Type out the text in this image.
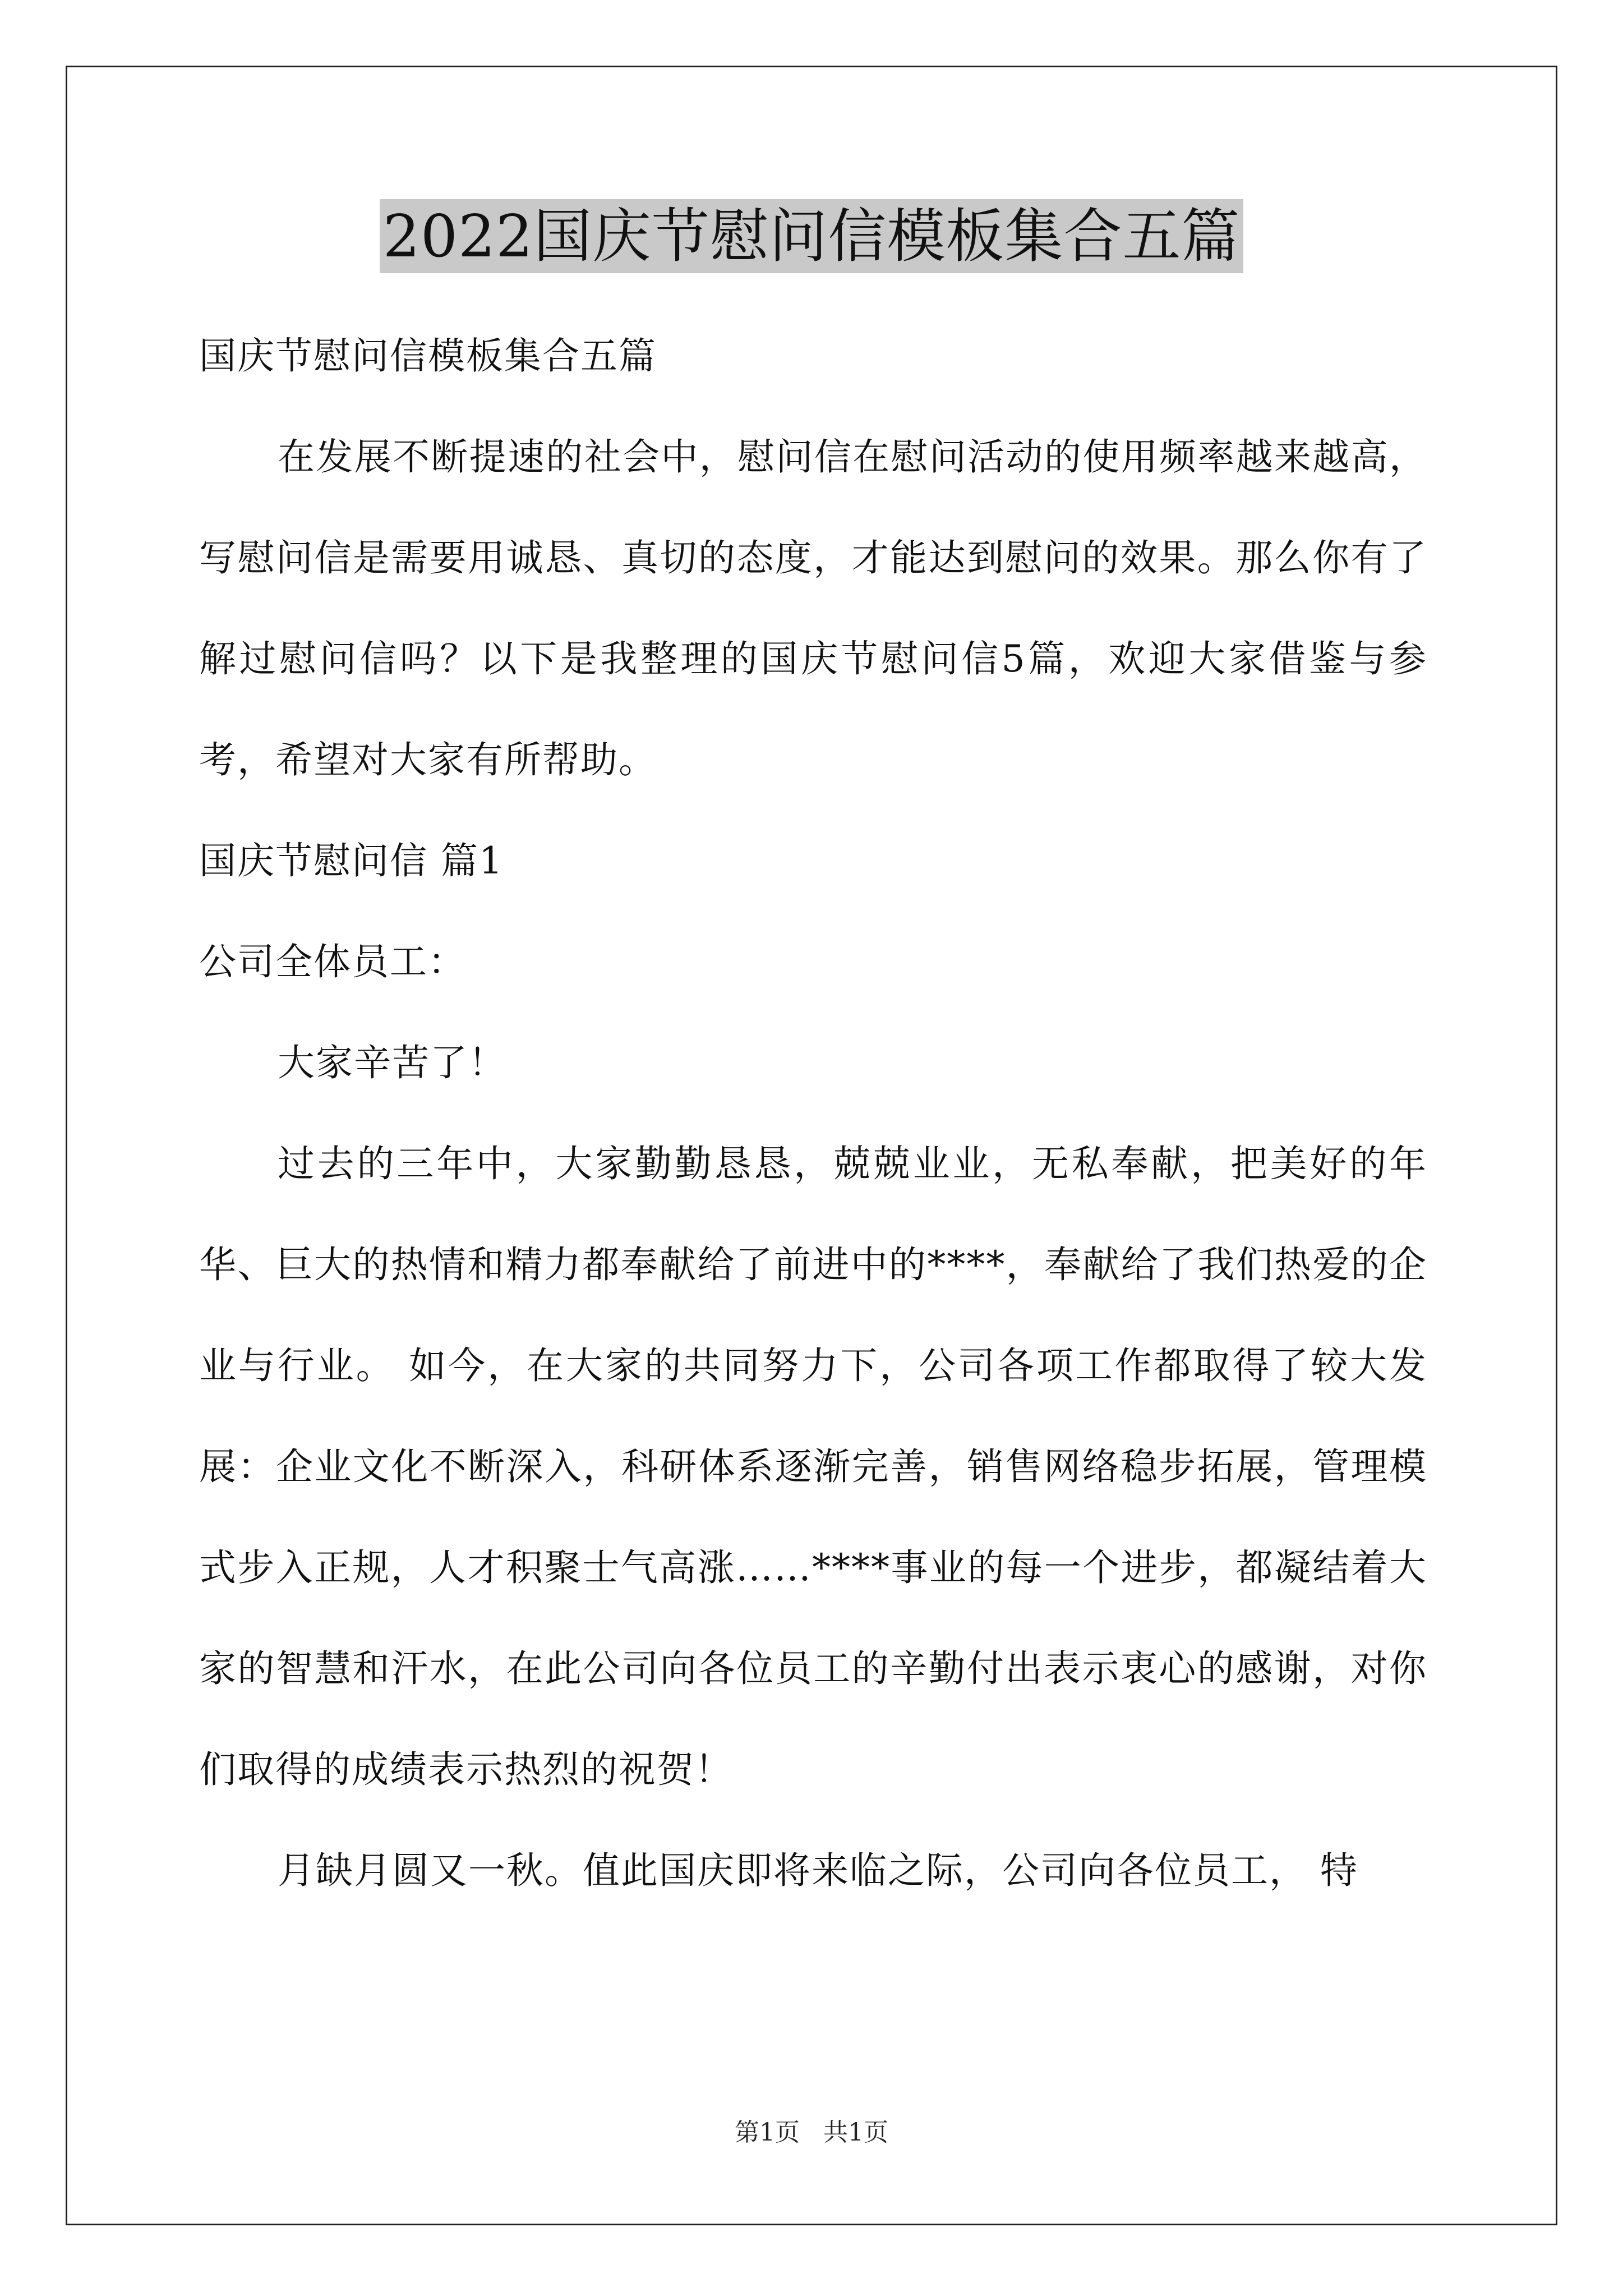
2022国庆节慰问信模板集合五篇

国庆节慰问信模板集合五篇

在发展不断提速的社会中，慰问信在慰问活动的使用频率越来越高，写慰问信是需要用诚恳、真切的态度，才能达到慰问的效果。那么你有了解过慰问信吗？以下是我整理的国庆节慰问信5篇，欢迎大家借鉴与参考，希望对大家有所帮助。

国庆节慰问信 篇1

公司全体员工：

大家辛苦了！

过去的三年中，大家勤勤恳恳，兢兢业业，无私奉献，把美好的年华、巨大的热情和精力都奉献给了前进中的****，奉献给了我们热爱的企业与行业。 如今，在大家的共同努力下，公司各项工作都取得了较大发展：企业文化不断深入，科研体系逐渐完善，销售网络稳步拓展，管理模式步入正规，人才积聚士气高涨……****事业的每一个进步，都凝结着大家的智慧和汗水，在此公司向各位员工的辛勤付出表示衷心的感谢，对你们取得的成绩表示热烈的祝贺！

月缺月圆又一秋。值此国庆即将来临之际，公司向各位员工， 特

第1页 共1页
